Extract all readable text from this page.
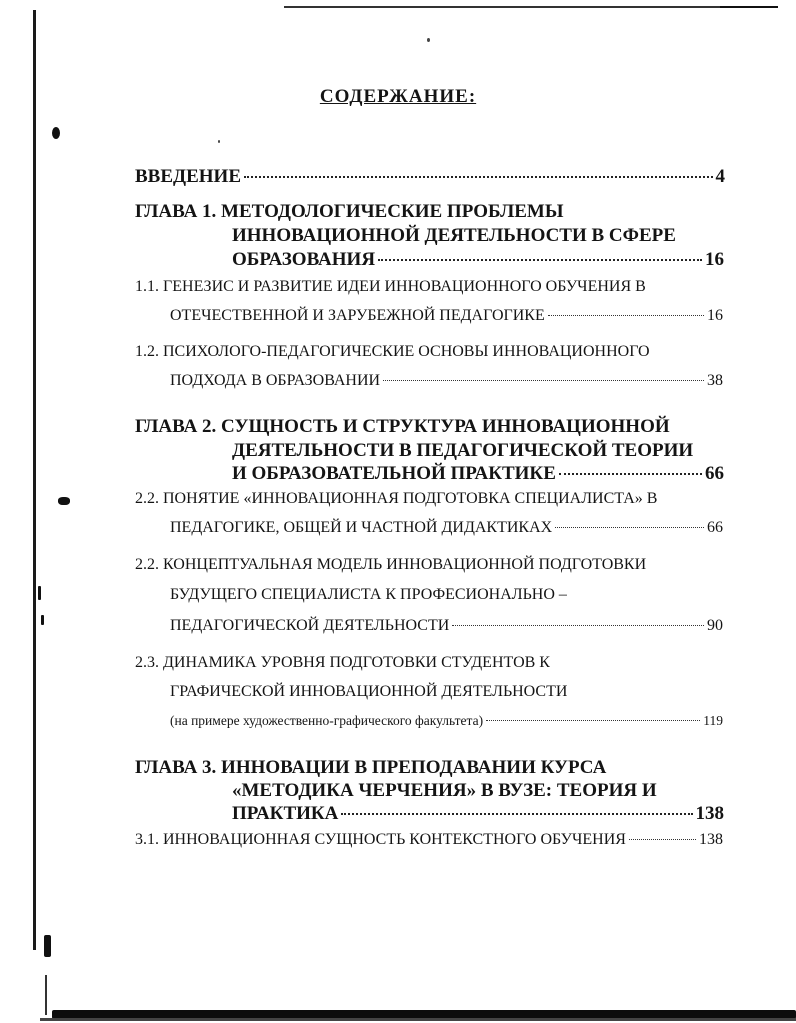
СОДЕРЖАНИЕ:
ВВЕДЕНИЕ	4
ГЛАВА 1. МЕТОДОЛОГИЧЕСКИЕ ПРОБЛЕМЫ
ИННОВАЦИОННОЙ ДЕЯТЕЛЬНОСТИ В СФЕРЕ
ОБРАЗОВАНИЯ	16
1.1. ГЕНЕЗИС И РАЗВИТИЕ ИДЕИ ИННОВАЦИОННОГО ОБУЧЕНИЯ В
ОТЕЧЕСТВЕННОЙ И ЗАРУБЕЖНОЙ ПЕДАГОГИКЕ	16
1.2. ПСИХОЛОГО-ПЕДАГОГИЧЕСКИЕ ОСНОВЫ ИННОВАЦИОННОГО
ПОДХОДА В ОБРАЗОВАНИИ	38
ГЛАВА 2. СУЩНОСТЬ И СТРУКТУРА ИННОВАЦИОННОЙ
ДЕЯТЕЛЬНОСТИ В ПЕДАГОГИЧЕСКОЙ ТЕОРИИ
И ОБРАЗОВАТЕЛЬНОЙ ПРАКТИКЕ	66
2.2. ПОНЯТИЕ «ИННОВАЦИОННАЯ ПОДГОТОВКА СПЕЦИАЛИСТА» В
ПЕДАГОГИКЕ, ОБЩЕЙ И ЧАСТНОЙ ДИДАКТИКАХ	66
2.2. КОНЦЕПТУАЛЬНАЯ МОДЕЛЬ ИННОВАЦИОННОЙ ПОДГОТОВКИ
БУДУЩЕГО СПЕЦИАЛИСТА К ПРОФЕСИОНАЛЬНО –
ПЕДАГОГИЧЕСКОЙ ДЕЯТЕЛЬНОСТИ	90
2.3. ДИНАМИКА УРОВНЯ ПОДГОТОВКИ СТУДЕНТОВ К
ГРАФИЧЕСКОЙ ИННОВАЦИОННОЙ ДЕЯТЕЛЬНОСТИ
(на примере художественно-графического факультета)	119
ГЛАВА 3. ИННОВАЦИИ В ПРЕПОДАВАНИИ КУРСА
«МЕТОДИКА ЧЕРЧЕНИЯ» В ВУЗЕ: ТЕОРИЯ И
ПРАКТИКА	138
3.1. ИННОВАЦИОННАЯ СУЩНОСТЬ КОНТЕКСТНОГО ОБУЧЕНИЯ	138
